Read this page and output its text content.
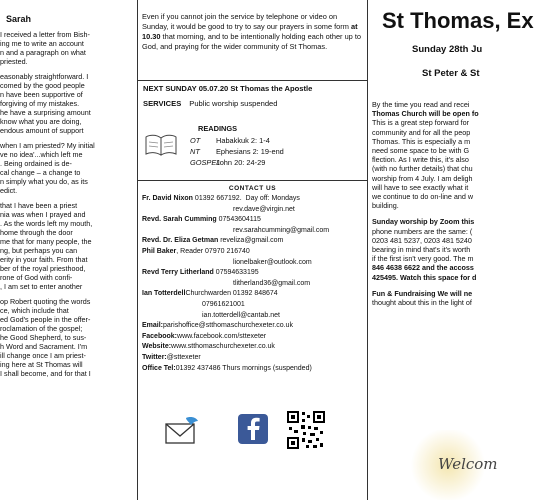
Sarah
I received a letter from Bish-
ing me to write an account
n and a paragraph on what
priested.
easonably straightforward. I
comed by the good people
n have been supportive of
forgiving of my mistakes.
he have a surprising amount
know what you are doing,
endous amount of support
when I am priested? My initial
ve no idea'...which left me
. Being ordained is de-
cal change – a change to
n simply what you do, as its
edict.
that I have been a priest
nia was when I prayed and
. As the words left my mouth,
home through the door
me that for many people, the
ng, but perhaps you can
erity in your faith. From that
ber of the royal priesthood,
rone of God with confi-
, I am set to enter another
op Robert quoting the words
ce, which include that
ed God's people in the offer-
roclamation of the gospel;
he Good Shepherd, to sus-
h Word and Sacrament. I'm
ill change once I am priest-
ing here at St Thomas will
I shall become, and for that I
Even if you cannot join the service by telephone or video on Sunday, it would be good to try to say our prayers in some form at 10.30 that morning, and to be intentionally holding each other up to God, and praying for the wider community of St Thomas.
NEXT SUNDAY 05.07.20 St Thomas the Apostle
SERVICES Public worship suspended
READINGS
OT Habakkuk 2: 1-4
NT Ephesians 2: 19-end
GOSPELJohn 20: 24-29
CONTACT US
Fr. David Nixon
01392 667192.
Day off: Mondays
rev.dave@virgin.net
Revd. Sarah Cumming
07543604115
rev.sarahcumming@gmail.com
Revd. Dr. Eliza Getman
reveliza@gmail.com
Phil Baker , Reader 07970 216740
lionelbaker@outlook.com
Revd Terry Litherland
07594633195
tlitherland36@gmail.com
Ian Totterdell Churchwarden 01392 848674
07961621001
ian.totterdell@cantab.net
Email: parishoffice@stthomaschurchexeter.co.uk
Facebook: www.facebook.com/sttexeter
Website: www.stthomaschurchexeter.co.uk
Twitter: @sttexeter
Office Tel: 01392 437486 Thurs mornings (suspended)
St Thomas, Ex
Sunday 28th Ju
St Peter & St
By the time you read and recei
Thomas Church will be open fo
This is a great step forward for
community and for all the peop
Thomas. This is especially a m
need some space to be with G
flection. As I write this, it's also
(with no further details) that chu
worship from 4 July. I am deligh
will have to see exactly what it
we continue to do on-line and w
building.
Sunday worship by Zoom this
phone numbers are the same: (
0203 481 5237, 0203 481 5240
bearing in mind that's it's worth
if the first isn't very good. The m
846 4638 6622 and the accoss
425495. Watch this space for d
Fun & Fundraising We will ne
thought about this in the light of
Welcom
